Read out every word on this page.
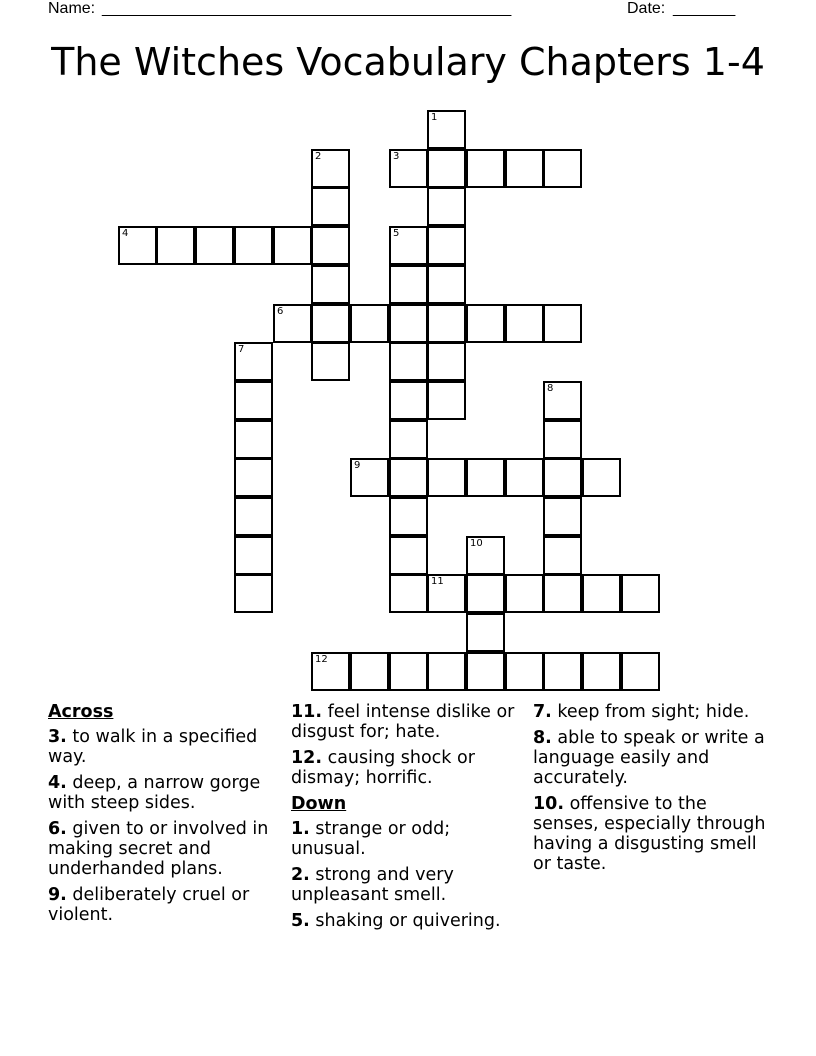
Name: ______________________________________________	Date: _______
The Witches Vocabulary Chapters 1-4
1
2	3
4	5
6
7
8
9
10
11
12
Across
3. to walk in a specified way.
4. deep, a narrow gorge with steep sides.
6. given to or involved in making secret and underhanded plans.
9. deliberately cruel or violent.
11. feel intense dislike or disgust for; hate.
12. causing shock or dismay; horrific.
Down
1. strange or odd; unusual.
2. strong and very unpleasant smell.
5. shaking or quivering.
7. keep from sight; hide.
8. able to speak or write a language easily and accurately.
10. offensive to the senses, especially through having a disgusting smell or taste.
